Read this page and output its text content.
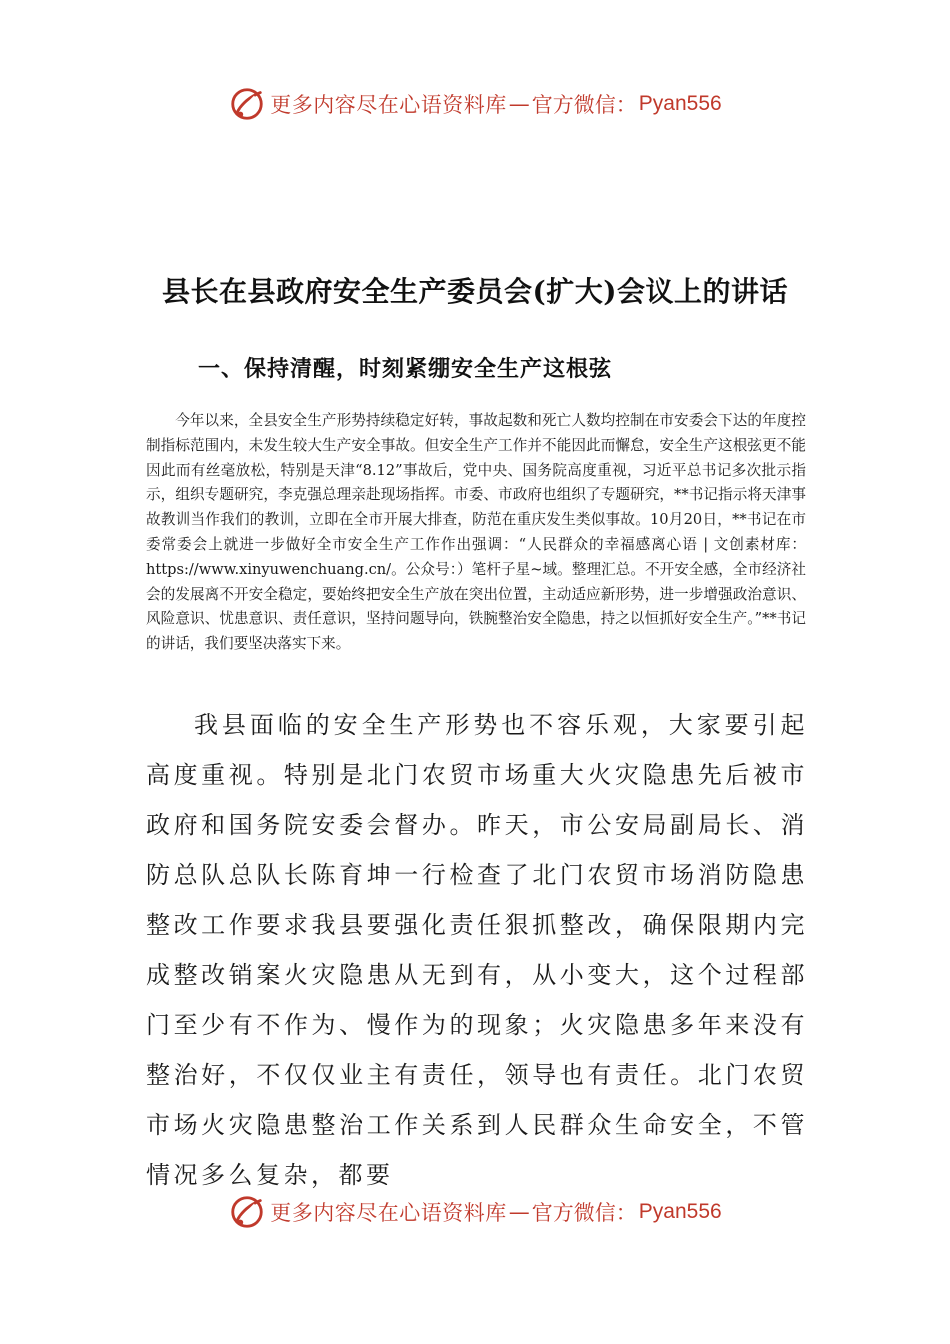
更多内容尽在心语资料库 — 官方微信： Pyan556
县长在县政府安全生产委员会(扩大)会议上的讲话
一、保持清醒，时刻紧绷安全生产这根弦

今年以来，全县安全生产形势持续稳定好转，事故起数和死亡人数均控制在市安委会下达的年度控制指标范围内，未发生较大生产安全事故。但安全生产工作并不能因此而懈怠，安全生产这根弦更不能因此而有丝毫放松，特别是天津“8.12”事故后，党中央、国务院高度重视，习近平总书记多次批示指示，组织专题研究，李克强总理亲赴现场指挥。市委、市政府也组织了专题研究，**书记指示将天津事故教训当作我们的教训，立即在全市开展大排查，防范在重庆发生类似事故。10月20日，**书记在市委常委会上就进一步做好全市安全生产工作作出强调：“人民群众的幸福感离心语 | 文创素材库：https://www.xinyuwenchuang.cn/。公众号：）笔杆子星~域。整理汇总。不开安全感，全市经济社会的发展离不开安全稳定，要始终把安全生产放在突出位置，主动适应新形势，进一步增强政治意识、风险意识、忧患意识、责任意识，坚持问题导向，铁腕整治安全隐患，持之以恒抓好安全生产。”**书记的讲话，我们要坚决落实下来。

我县面临的安全生产形势也不容乐观，大家要引起高度重视。特别是北门农贸市场重大火灾隐患先后被市政府和国务院安委会督办。昨天，市公安局副局长、消防总队总队长陈育坤一行检查了北门农贸市场消防隐患整改工作要求我县要强化责任狠抓整改，确保限期内完成整改销案火灾隐患从无到有，从小变大，这个过程部门至少有不作为、慢作为的现象；火灾隐患多年来没有整治好，不仅仅业主有责任，领导也有责任。北门农贸市场火灾隐患整治工作关系到人民群众生命安全，不管情况多么复杂，都要

更多内容尽在心语资料库 — 官方微信： Pyan556
